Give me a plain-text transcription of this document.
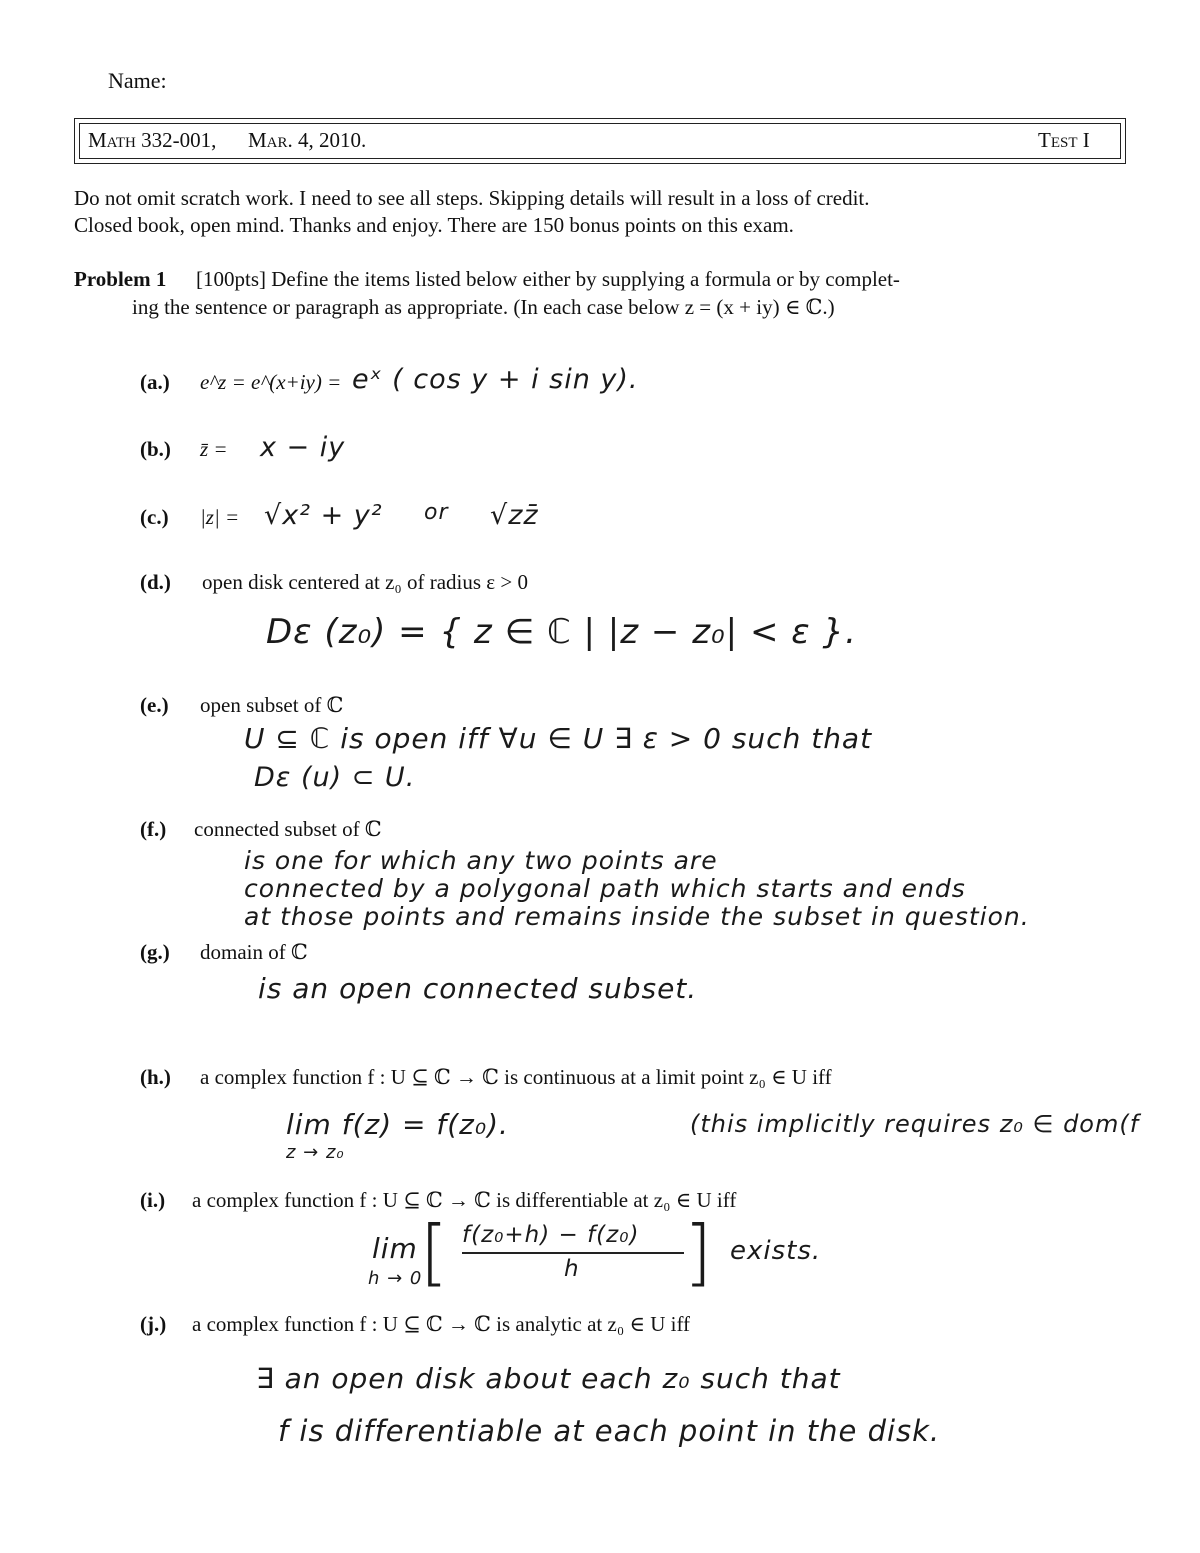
Name:
Math 332-001, Mar. 4, 2010.	Test I
Do not omit scratch work. I need to see all steps. Skipping details will result in a loss of credit.
Closed book, open mind. Thanks and enjoy. There are 150 bonus points on this exam.
Problem 1 [100pts] Define the items listed below either by supplying a formula or by complet-
ing the sentence or paragraph as appropriate. (In each case below z = (x + iy) ∈ ℂ.)
(a.) e^z = e^(x+iy) = eˣ ( cos y + i sin y).
(b.) z̄ = x − iy
(c.) |z| = √x² + y² or √zz̄
(d.) open disk centered at z₀ of radius ε > 0
Dε (z₀) = { z ∈ ℂ | |z − z₀| < ε }.
(e.) open subset of ℂ
U ⊆ ℂ is open iff ∀u ∈ U ∃ ε > 0 such that
Dε (u) ⊂ U.
(f.) connected subset of ℂ
is one for which any two points are
connected by a polygonal path which starts and ends
at those points and remains inside the subset in question.
(g.) domain of ℂ
is an open connected subset.
(h.) a complex function f : U ⊆ ℂ → ℂ is continuous at a limit point z₀ ∈ U iff
lim f(z) = f(z₀).
z → z₀
(this implicitly requires z₀ ∈ dom(f
(i.) a complex function f : U ⊆ ℂ → ℂ is differentiable at z₀ ∈ U iff
lim
h → 0
[ f(z₀+h) − f(z₀)
h ] exists.
(j.) a complex function f : U ⊆ ℂ → ℂ is analytic at z₀ ∈ U iff
∃ an open disk about each z₀ such that
f is differentiable at each point in the disk.
